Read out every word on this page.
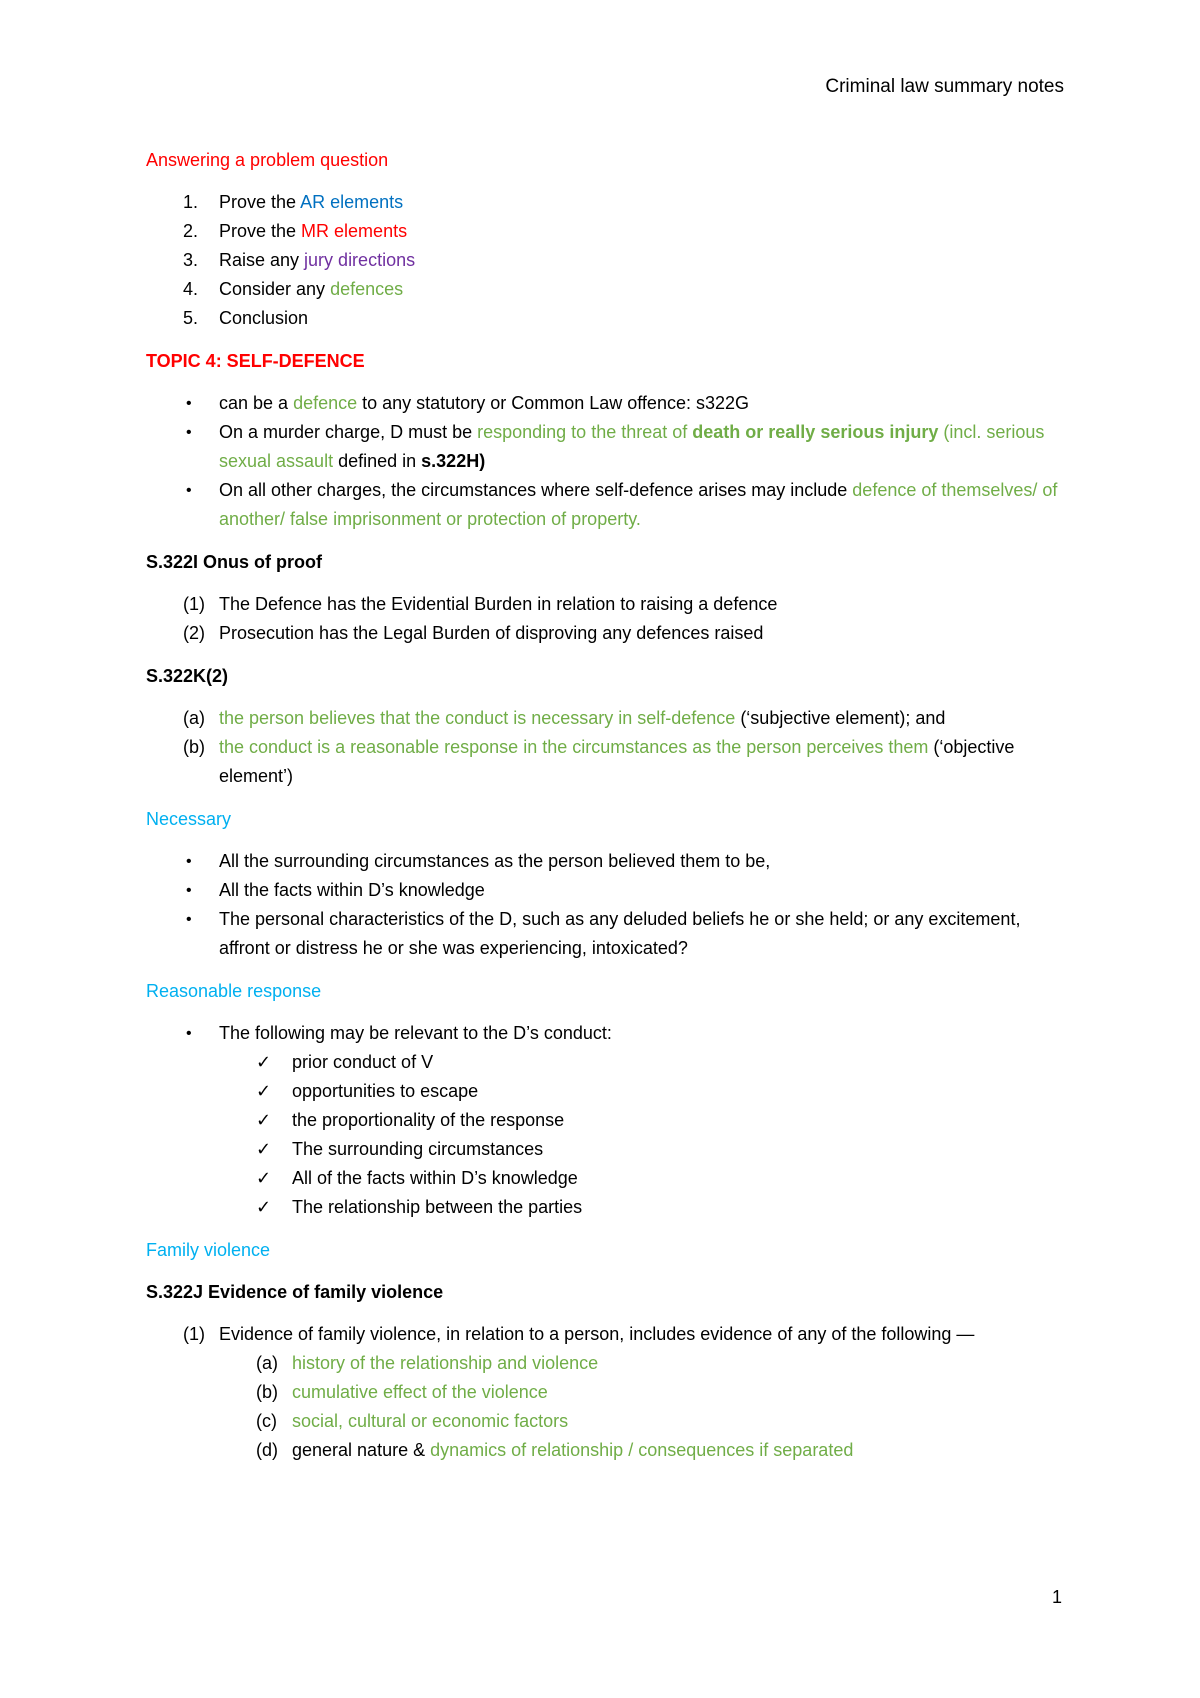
Criminal law summary notes

Answering a problem question

1. Prove the AR elements
2. Prove the MR elements
3. Raise any jury directions
4. Consider any defences
5. Conclusion

TOPIC 4: SELF-DEFENCE

• can be a defence to any statutory or Common Law offence: s322G
• On a murder charge, D must be responding to the threat of death or really serious injury (incl. serious sexual assault defined in s.322H)
• On all other charges, the circumstances where self-defence arises may include defence of themselves/ of another/ false imprisonment or protection of property.

S.322I Onus of proof

(1) The Defence has the Evidential Burden in relation to raising a defence
(2) Prosecution has the Legal Burden of disproving any defences raised

S.322K(2)

(a) the person believes that the conduct is necessary in self-defence (‘subjective element); and
(b) the conduct is a reasonable response in the circumstances as the person perceives them (‘objective element’)

Necessary

• All the surrounding circumstances as the person believed them to be,
• All the facts within D’s knowledge
• The personal characteristics of the D, such as any deluded beliefs he or she held; or any excitement, affront or distress he or she was experiencing, intoxicated?

Reasonable response

• The following may be relevant to the D’s conduct:
✓ prior conduct of V
✓ opportunities to escape
✓ the proportionality of the response
✓ The surrounding circumstances
✓ All of the facts within D’s knowledge
✓ The relationship between the parties

Family violence

S.322J Evidence of family violence

(1) Evidence of family violence, in relation to a person, includes evidence of any of the following —
(a) history of the relationship and violence
(b) cumulative effect of the violence
(c) social, cultural or economic factors
(d) general nature & dynamics of relationship / consequences if separated
1
